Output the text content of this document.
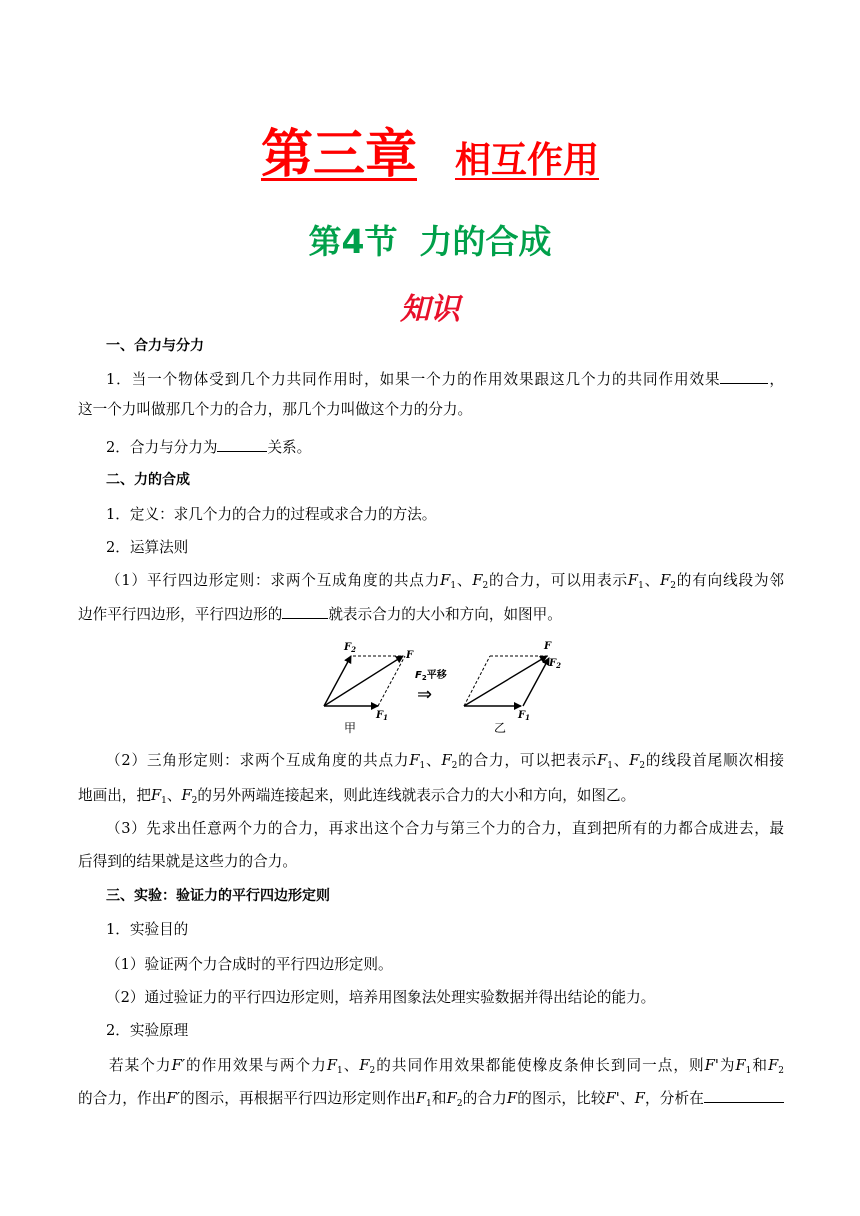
第三章 相互作用
第4节 力的合成
知识
一、合力与分力
1．当一个物体受到几个力共同作用时，如果一个力的作用效果跟这几个力的共同作用效果	，
这一个力叫做那几个力的合力，那几个力叫做这个力的分力。
2．合力与分力为	关系。
二、力的合成
1．定义：求几个力的合力的过程或求合力的方法。
2．运算法则
（1）平行四边形定则：求两个互成角度的共点力$F_1$、$F_2$的合力，可以用表示$F_1$、$F_2$的有向线段为邻
边作平行四边形，平行四边形的	就表示合力的大小和方向，如图甲。
$F_2$
F
$F_1$
甲
$F_2$平移
⇒
F
$F_2$
$F_1$
乙
（2）三角形定则：求两个互成角度的共点力$F_1$、$F_2$的合力，可以把表示$F_1$、$F_2$的线段首尾顺次相接
地画出，把$F_1$、$F_2$的另外两端连接起来，则此连线就表示合力的大小和方向，如图乙。
（3）先求出任意两个力的合力，再求出这个合力与第三个力的合力，直到把所有的力都合成进去，最
后得到的结果就是这些力的合力。
三、实验：验证力的平行四边形定则
1．实验目的
（1）验证两个力合成时的平行四边形定则。
（2）通过验证力的平行四边形定则，培养用图象法处理实验数据并得出结论的能力。
2．实验原理
若某个力F′的作用效果与两个力$F_1$、$F_2$的共同作用效果都能使橡皮条伸长到同一点，则F'为$F_1$和$F_2$
的合力，作出F′的图示，再根据平行四边形定则作出$F_1$和$F_2$的合力F的图示，比较F'、F，分析在
